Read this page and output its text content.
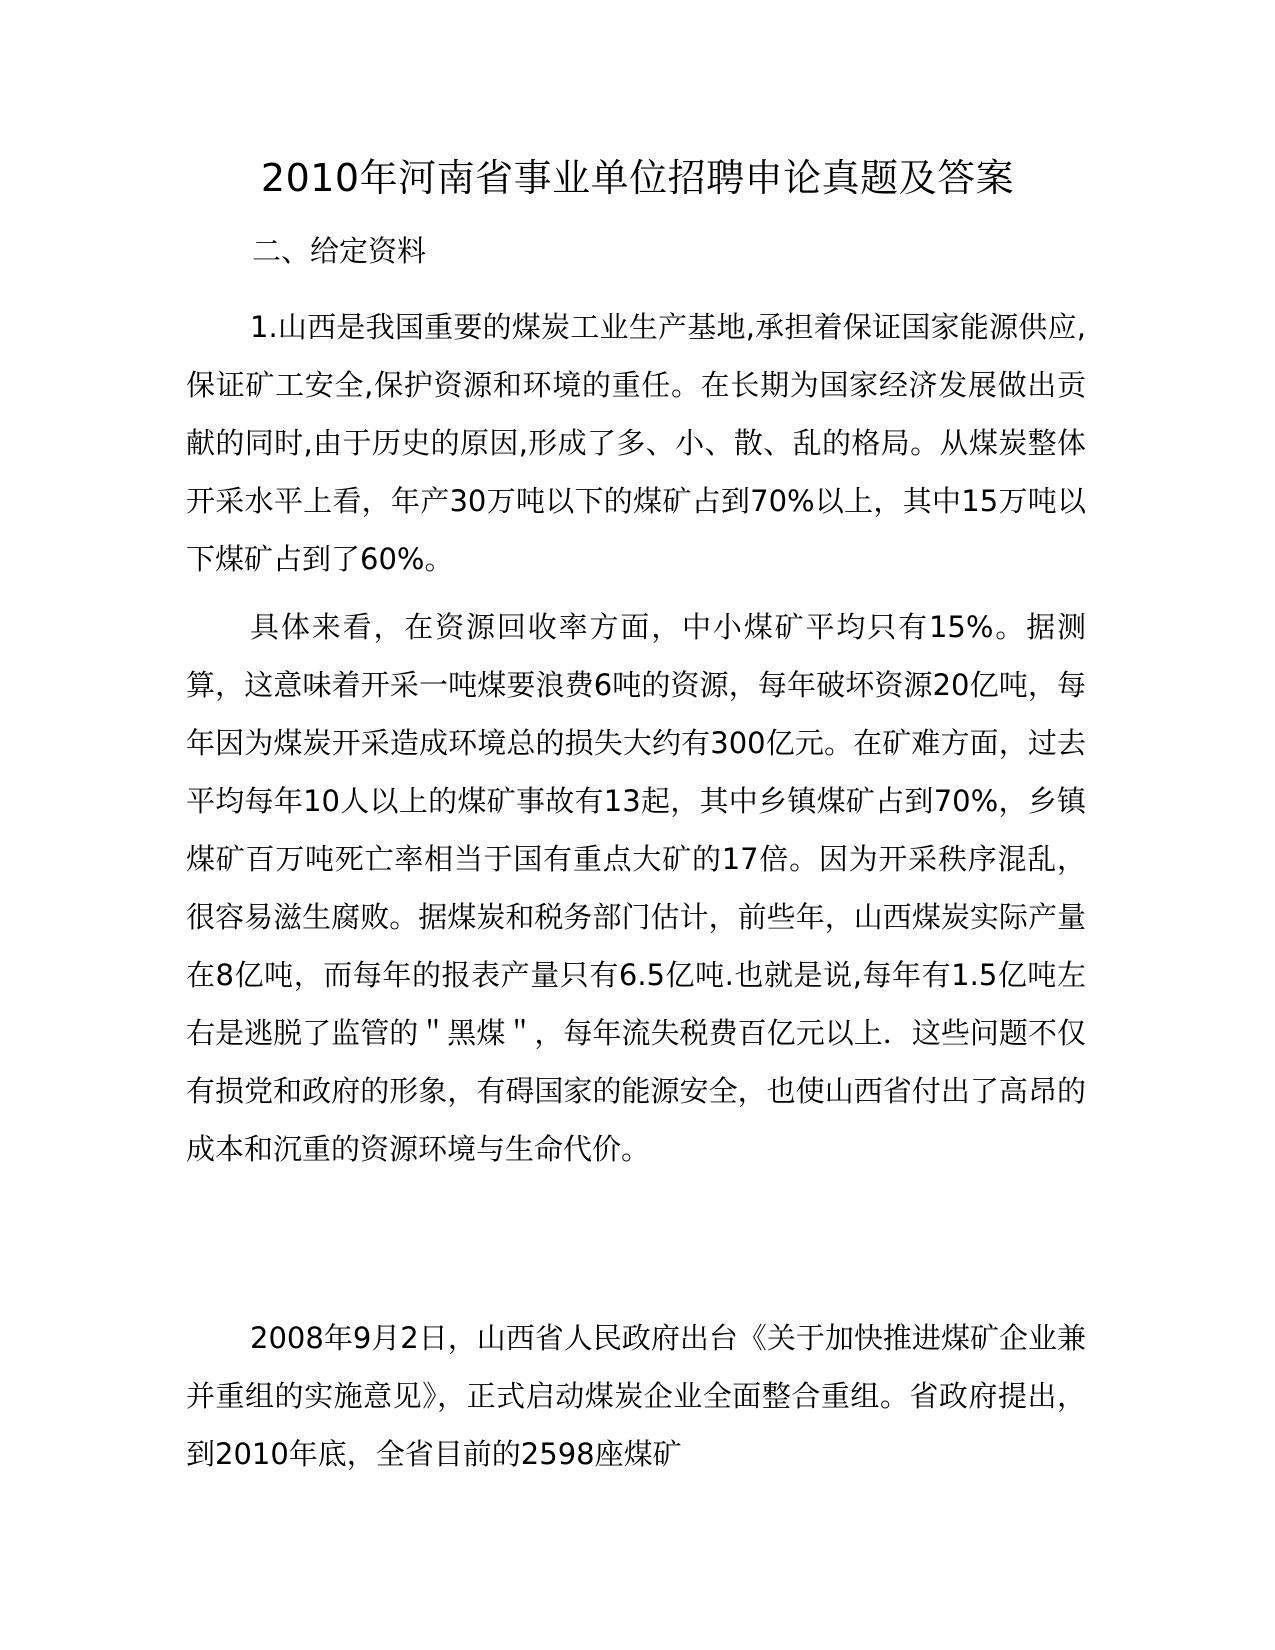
2010年河南省事业单位招聘申论真题及答案
二、给定资料

1.山西是我国重要的煤炭工业生产基地,承担着保证国家能源供应,保证矿工安全,保护资源和环境的重任。在长期为国家经济发展做出贡献的同时,由于历史的原因,形成了多、小、散、乱的格局。从煤炭整体开采水平上看，年产30万吨以下的煤矿占到70%以上，其中15万吨以下煤矿占到了60%。

具体来看，在资源回收率方面，中小煤矿平均只有15%。据测算，这意味着开采一吨煤要浪费6吨的资源，每年破坏资源20亿吨，每年因为煤炭开采造成环境总的损失大约有300亿元。在矿难方面，过去平均每年10人以上的煤矿事故有13起，其中乡镇煤矿占到70%，乡镇煤矿百万吨死亡率相当于国有重点大矿的17倍。因为开采秩序混乱，很容易滋生腐败。据煤炭和税务部门估计，前些年，山西煤炭实际产量在8亿吨，而每年的报表产量只有6.5亿吨.也就是说,每年有1.5亿吨左右是逃脱了监管的＂黑煤＂，每年流失税费百亿元以上．这些问题不仅有损党和政府的形象，有碍国家的能源安全，也使山西省付出了高昂的成本和沉重的资源环境与生命代价。

2008年9月2日，山西省人民政府出台《关于加快推进煤矿企业兼并重组的实施意见》，正式启动煤炭企业全面整合重组。省政府提出，到2010年底，全省目前的2598座煤矿
